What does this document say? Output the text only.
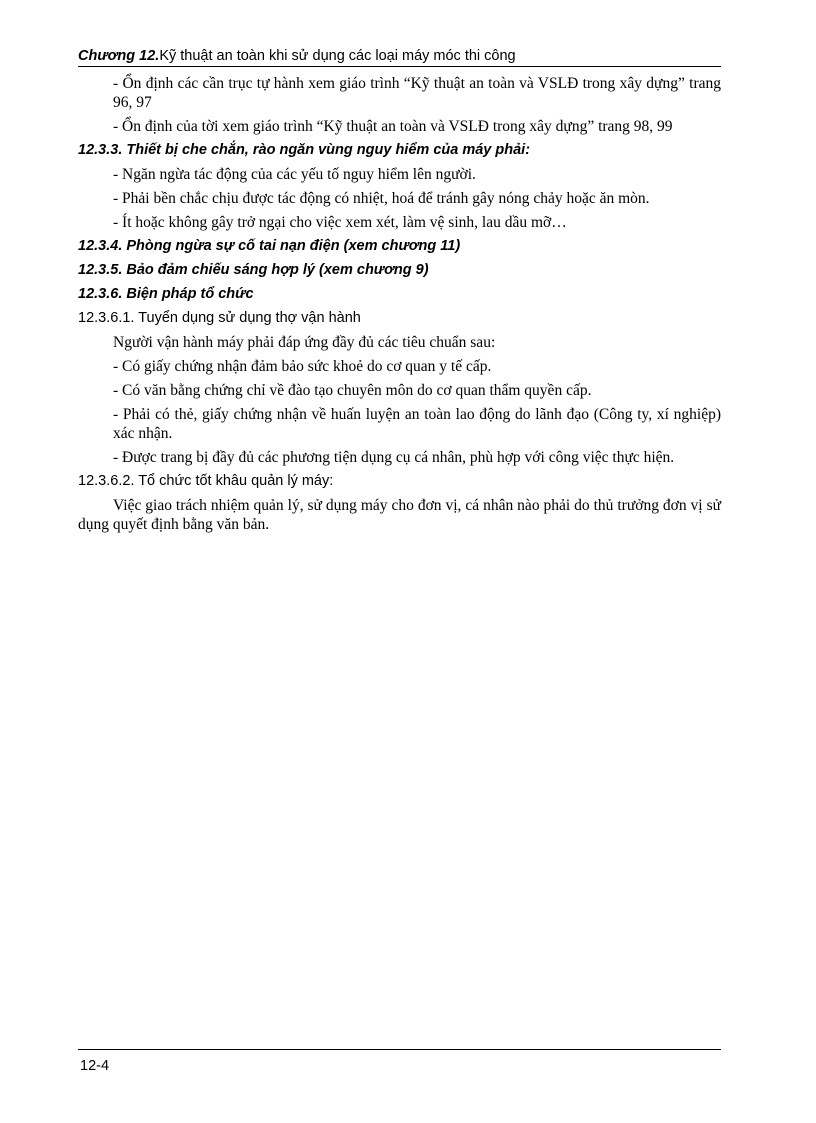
Chương 12.Kỹ thuật an toàn khi sử dụng các loại máy móc thi công

- Ổn định các cần trục tự hành xem giáo trình “Kỹ thuật an toàn và VSLĐ trong xây dựng” trang 96, 97

- Ổn định của tời xem giáo trình “Kỹ thuật an toàn và VSLĐ trong xây dựng” trang 98, 99

12.3.3. Thiết bị che chắn, rào ngăn vùng nguy hiểm của máy phải:

- Ngăn ngừa tác động của các yếu tố nguy hiểm lên người.

- Phải bền chắc chịu được tác động có nhiệt, hoá để tránh gây nóng chảy hoặc ăn mòn.

- Ít hoặc không gây trở ngại cho việc xem xét, làm vệ sinh, lau dầu mỡ…

12.3.4. Phòng ngừa sự cố tai nạn điện (xem chương 11)
12.3.5. Bảo đảm chiếu sáng hợp lý (xem chương 9)
12.3.6. Biện pháp tổ chức
12.3.6.1. Tuyển dụng sử dụng thợ vận hành

Người vận hành máy phải đáp ứng đầy đủ các tiêu chuẩn sau:

- Có giấy chứng nhận đảm bảo sức khoẻ do cơ quan y tế cấp.

- Có văn bằng chứng chỉ về đào tạo chuyên môn do cơ quan thẩm quyền cấp.

- Phải có thẻ, giấy chứng nhận về huấn luyện an toàn lao động do lãnh đạo (Công ty, xí nghiệp) xác nhận.

- Được trang bị đầy đủ các phương tiện dụng cụ cá nhân, phù hợp với công việc thực hiện.

12.3.6.2. Tổ chức tốt khâu quản lý máy:

Việc giao trách nhiệm quản lý, sử dụng máy cho đơn vị, cá nhân nào phải do thủ trưởng đơn vị sử dụng quyết định bằng văn bản.

12-4
